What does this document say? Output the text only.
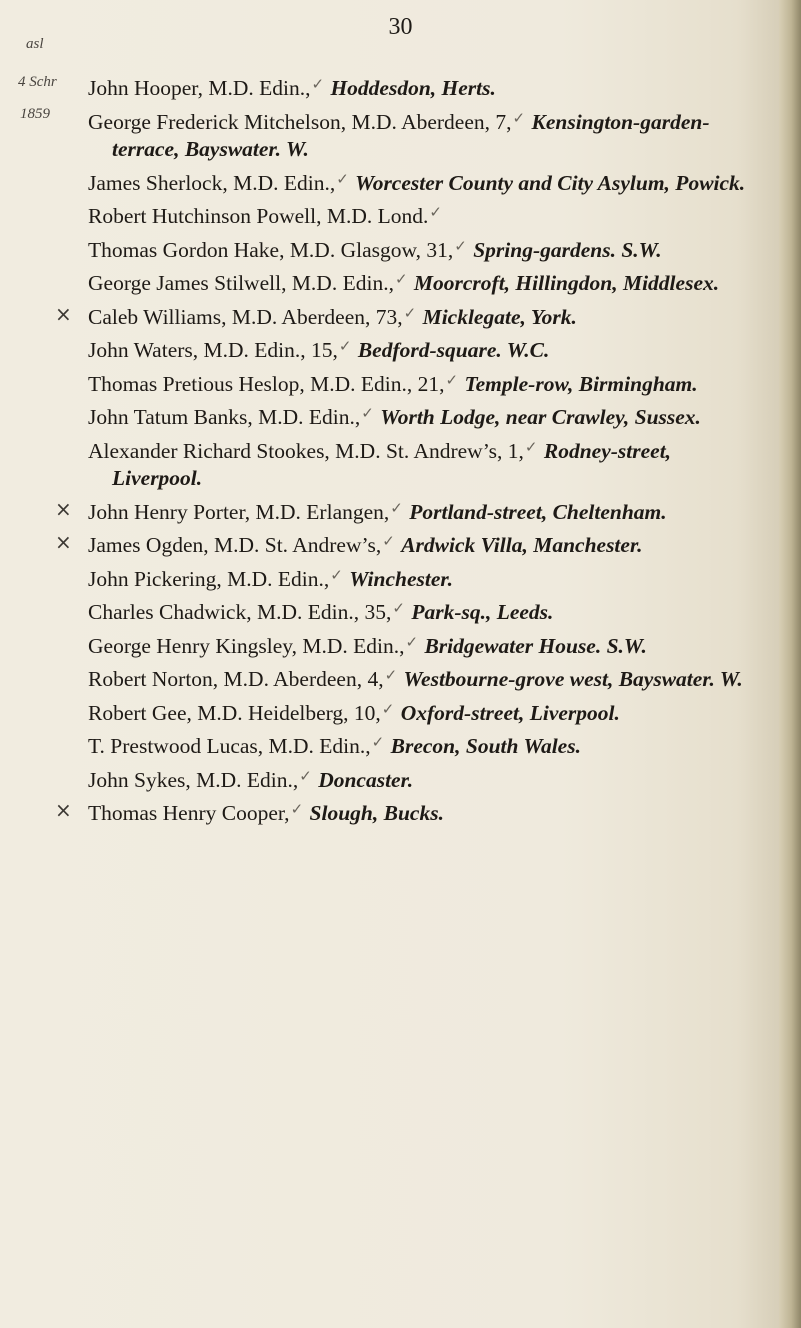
30
asl
4 Schr
1859
John Hooper, M.D. Edin.,✓ Hoddesdon, Herts.
George Frederick Mitchelson, M.D. Aberdeen, 7,✓ Kensington-garden-terrace, Bayswater. W.
James Sherlock, M.D. Edin.,✓ Worcester County and City Asylum, Powick.
Robert Hutchinson Powell, M.D. Lond.✓
Thomas Gordon Hake, M.D. Glasgow, 31,✓ Spring-gardens. S.W.
George James Stilwell, M.D. Edin.,✓ Moorcroft, Hillingdon, Middlesex.
× Caleb Williams, M.D. Aberdeen, 73,✓ Micklegate, York.
John Waters, M.D. Edin., 15,✓ Bedford-square. W.C.
Thomas Pretious Heslop, M.D. Edin., 21,✓ Temple-row, Birmingham.
John Tatum Banks, M.D. Edin.,✓ Worth Lodge, near Crawley, Sussex.
Alexander Richard Stookes, M.D. St. Andrew’s, 1,✓ Rodney-street, Liverpool.
× John Henry Porter, M.D. Erlangen,✓ Portland-street, Cheltenham.
× James Ogden, M.D. St. Andrew’s,✓ Ardwick Villa, Manchester.
John Pickering, M.D. Edin.,✓ Winchester.
Charles Chadwick, M.D. Edin., 35,✓ Park-sq., Leeds.
George Henry Kingsley, M.D. Edin.,✓ Bridgewater House. S.W.
Robert Norton, M.D. Aberdeen, 4,✓ Westbourne-grove west, Bayswater. W.
Robert Gee, M.D. Heidelberg, 10,✓ Oxford-street, Liverpool.
T. Prestwood Lucas, M.D. Edin.,✓ Brecon, South Wales.
John Sykes, M.D. Edin.,✓ Doncaster.
× Thomas Henry Cooper,✓ Slough, Bucks.
